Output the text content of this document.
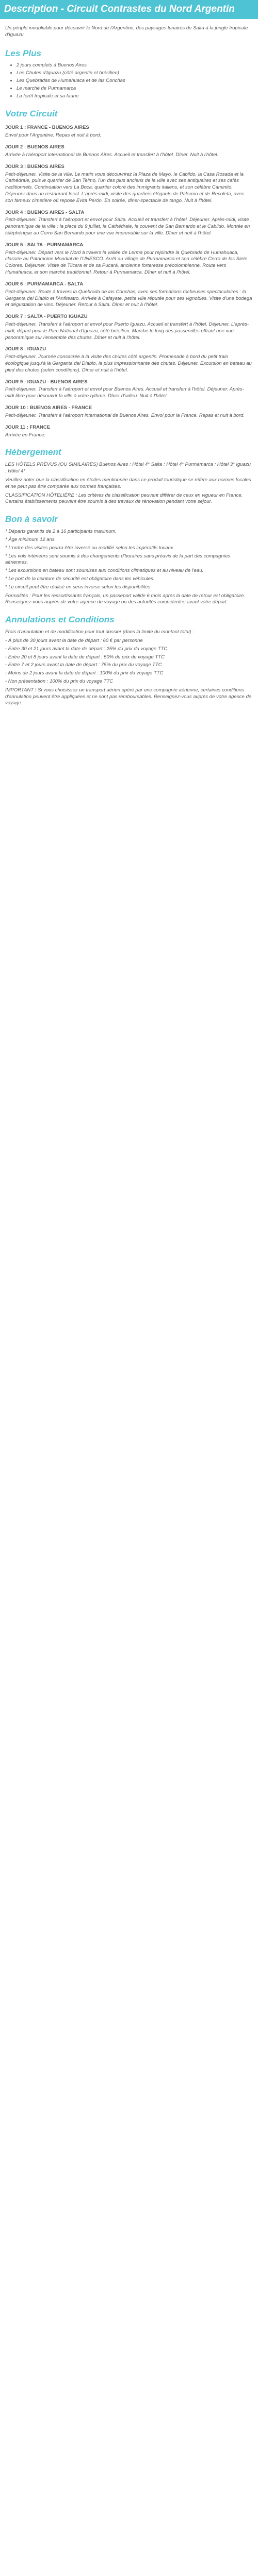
Description - Circuit Contrastes du Nord Argentin

Un périple inoubliable pour découvrir le Nord de l'Argentine, des paysages lunaires de Salta à la jungle tropicale d'Iguazu.

Les Plus
• 2 jours complets à Buenos Aires
• Les Chutes d'Iguazu (côté argentin et brésilien)
• Les Quebradas de Humahuaca et de las Conchas
• Le marché de Purmamarca
• La forêt tropicale et sa faune
Votre Circuit
JOUR 1 : FRANCE - BUENOS AIRES
Envol pour l'Argentine. Repas et nuit à bord.
JOUR 2 : BUENOS AIRES
Arrivée à l'aéroport international de Buenos Aires. Accueil et transfert à l'hôtel. Dîner. Nuit à l'hôtel.
JOUR 3 : BUENOS AIRES
Petit-déjeuner. Visite de la ville. Le matin vous découvrirez la Plaza de Mayo, le Cabildo, la Casa Rosada et la Cathédrale, puis le quartier de San Telmo, l'un des plus anciens de la ville avec ses antiquaires et ses cafés traditionnels. Continuation vers La Boca, quartier coloré des immigrants italiens, et son célèbre Caminito. Déjeuner dans un restaurant local. L'après-midi, visite des quartiers élégants de Palermo et de Recoleta, avec son fameux cimetière où repose Evita Perón. En soirée, dîner-spectacle de tango. Nuit à l'hôtel.
JOUR 4 : BUENOS AIRES - SALTA
Petit-déjeuner. Transfert à l'aéroport et envol pour Salta. Accueil et transfert à l'hôtel. Déjeuner. Après-midi, visite panoramique de la ville : la place du 9 juillet, la Cathédrale, le couvent de San Bernardo et le Cabildo. Montée en téléphérique au Cerro San Bernardo pour une vue imprenable sur la ville. Dîner et nuit à l'hôtel.
JOUR 5 : SALTA - PURMAMARCA
Petit-déjeuner. Départ vers le Nord à travers la vallée de Lerma pour rejoindre la Quebrada de Humahuaca, classée au Patrimoine Mondial de l'UNESCO. Arrêt au village de Purmamarca et son célèbre Cerro de los Siete Colores. Déjeuner. Visite de Tilcara et de sa Pucará, ancienne forteresse précolombienne. Route vers Humahuaca, et son marché traditionnel. Retour à Purmamarca. Dîner et nuit à l'hôtel.
JOUR 6 : PURMAMARCA - SALTA
Petit-déjeuner. Route à travers la Quebrada de las Conchas, avec ses formations rocheuses spectaculaires : la Garganta del Diablo et l'Anfiteatro. Arrivée à Cafayate, petite ville réputée pour ses vignobles. Visite d'une bodega et dégustation de vins. Déjeuner. Retour à Salta. Dîner et nuit à l'hôtel.
JOUR 7 : SALTA - PUERTO IGUAZU
Petit-déjeuner. Transfert à l'aéroport et envol pour Puerto Iguazu. Accueil et transfert à l'hôtel. Déjeuner. L'après-midi, départ pour le Parc National d'Iguazu, côté brésilien. Marche le long des passerelles offrant une vue panoramique sur l'ensemble des chutes. Dîner et nuit à l'hôtel.
JOUR 8 : IGUAZU
Petit-déjeuner. Journée consacrée à la visite des chutes côté argentin. Promenade à bord du petit train écologique jusqu'à la Garganta del Diablo, la plus impressionnante des chutes. Déjeuner. Excursion en bateau au pied des chutes (selon conditions). Dîner et nuit à l'hôtel.
JOUR 9 : IGUAZU - BUENOS AIRES
Petit-déjeuner. Transfert à l'aéroport et envol pour Buenos Aires. Accueil et transfert à l'hôtel. Déjeuner. Après-midi libre pour découvrir la ville à votre rythme. Dîner d'adieu. Nuit à l'hôtel.
JOUR 10 : BUENOS AIRES - FRANCE
Petit-déjeuner. Transfert à l'aéroport international de Buenos Aires. Envol pour la France. Repas et nuit à bord.
JOUR 11 : FRANCE
Arrivée en France.
Hébergement

LES HÔTELS PRÉVUS (OU SIMILAIRES) Buenos Aires : Hôtel 4* Salta : Hôtel 4* Purmamarca : Hôtel 3* Iguazu : Hôtel 4*

Veuillez noter que la classification en étoiles mentionnée dans ce produit touristique se réfère aux normes locales et ne peut pas être comparée aux normes françaises.

CLASSIFICATION HÔTELIÈRE : Les critères de classification peuvent différer de ceux en vigueur en France. Certains établissements peuvent être soumis à des travaux de rénovation pendant votre séjour.

Bon à savoir
* Départs garantis de 2 à 16 participants maximum.
* Âge minimum 12 ans.
* L'ordre des visites pourra être inversé ou modifié selon les impératifs locaux.
* Les vols intérieurs sont soumis à des changements d'horaires sans préavis de la part des compagnies aériennes.
* Les excursions en bateau sont soumises aux conditions climatiques et au niveau de l'eau.
* Le port de la ceinture de sécurité est obligatoire dans les véhicules.
* Le circuit peut être réalisé en sens inverse selon les disponibilités.

Formalités : Pour les ressortissants français, un passeport valide 6 mois après la date de retour est obligatoire. Renseignez-vous auprès de votre agence de voyage ou des autorités compétentes avant votre départ.

Annulations et Conditions

Frais d'annulation et de modification pour tout dossier (dans la limite du montant total) :

- À plus de 30 jours avant la date de départ : 60 € par personne
- Entre 30 et 21 jours avant la date de départ : 25% du prix du voyage TTC
- Entre 20 et 8 jours avant la date de départ : 50% du prix du voyage TTC
- Entre 7 et 2 jours avant la date de départ : 75% du prix du voyage TTC
- Moins de 2 jours avant la date de départ : 100% du prix du voyage TTC
- Non présentation : 100% du prix du voyage TTC

IMPORTANT ! Si vous choisissez un transport aérien opéré par une compagnie aérienne, certaines conditions d'annulation peuvent être appliquées et ne sont pas remboursables. Renseignez-vous auprès de votre agence de voyage.
